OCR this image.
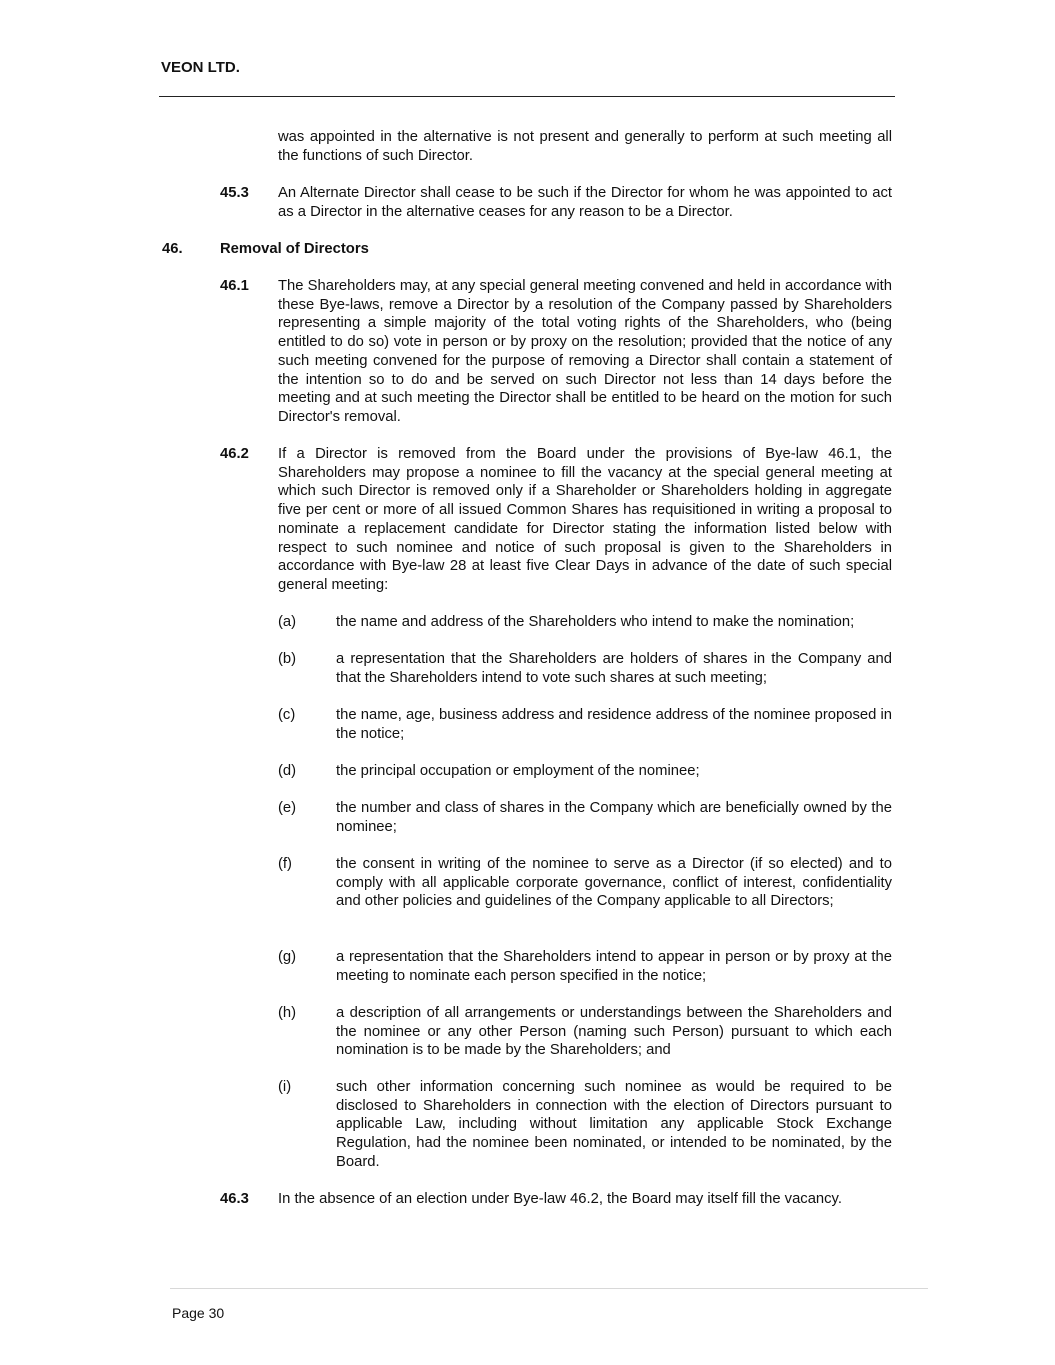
VEON LTD.
was appointed in the alternative is not present and generally to perform at such meeting all the functions of such Director.
45.3 An Alternate Director shall cease to be such if the Director for whom he was appointed to act as a Director in the alternative ceases for any reason to be a Director.
46.	Removal of Directors
46.1 The Shareholders may, at any special general meeting convened and held in accordance with these Bye-laws, remove a Director by a resolution of the Company passed by Shareholders representing a simple majority of the total voting rights of the Shareholders, who (being entitled to do so) vote in person or by proxy on the resolution; provided that the notice of any such meeting convened for the purpose of removing a Director shall contain a statement of the intention so to do and be served on such Director not less than 14 days before the meeting and at such meeting the Director shall be entitled to be heard on the motion for such Director's removal.
46.2 If a Director is removed from the Board under the provisions of Bye-law 46.1, the Shareholders may propose a nominee to fill the vacancy at the special general meeting at which such Director is removed only if a Shareholder or Shareholders holding in aggregate five per cent or more of all issued Common Shares has requisitioned in writing a proposal to nominate a replacement candidate for Director stating the information listed below with respect to such nominee and notice of such proposal is given to the Shareholders in accordance with Bye-law 28 at least five Clear Days in advance of the date of such special general meeting:
(a)	the name and address of the Shareholders who intend to make the nomination;
(b)	a representation that the Shareholders are holders of shares in the Company and that the Shareholders intend to vote such shares at such meeting;
(c)	the name, age, business address and residence address of the nominee proposed in the notice;
(d)	the principal occupation or employment of the nominee;
(e)	the number and class of shares in the Company which are beneficially owned by the nominee;
(f)	the consent in writing of the nominee to serve as a Director (if so elected) and to comply with all applicable corporate governance, conflict of interest, confidentiality and other policies and guidelines of the Company applicable to all Directors;
(g)	a representation that the Shareholders intend to appear in person or by proxy at the meeting to nominate each person specified in the notice;
(h)	a description of all arrangements or understandings between the Shareholders and the nominee or any other Person (naming such Person) pursuant to which each nomination is to be made by the Shareholders; and
(i)	such other information concerning such nominee as would be required to be disclosed to Shareholders in connection with the election of Directors pursuant to applicable Law, including without limitation any applicable Stock Exchange Regulation, had the nominee been nominated, or intended to be nominated, by the Board.
46.3 In the absence of an election under Bye-law 46.2, the Board may itself fill the vacancy.
Page 30
